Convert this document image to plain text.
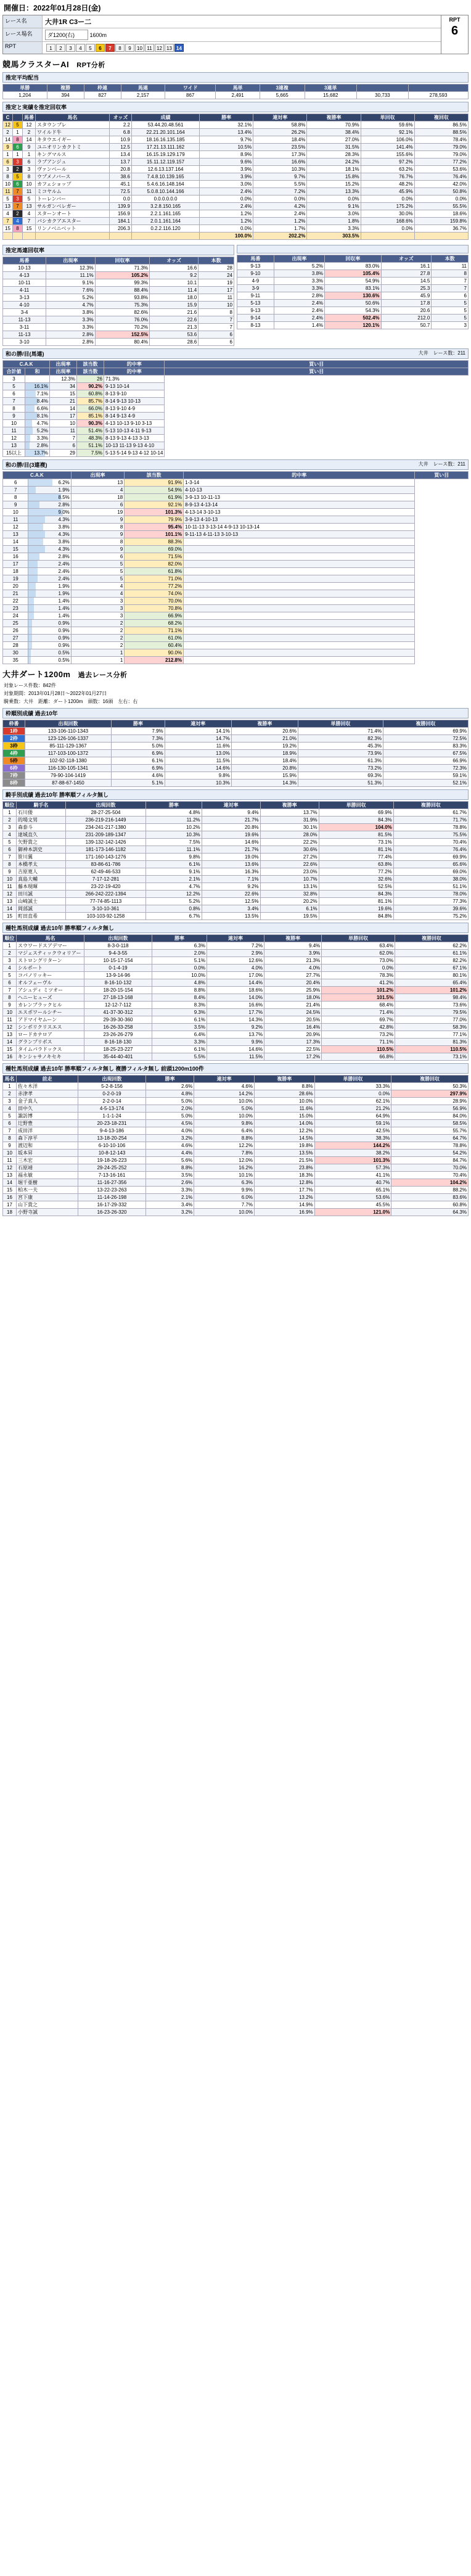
開催日：2022年01月28日(金)
レース名	大井1R C3ー二
レース場名	ダ1200(右)	1600m
RPT	1	2	3	4	5	6	7	8	9	10 11 12 13 14
RPT
6
競馬クラスターAI RPT分析
推定平均配当
単勝	複勝	枠連	馬連	ワイド	馬単	3連複	3連単		
1,204	394	827	2,157	867	2,491	5,665	15,682	30,733	278,593
推定と実績を推定回収率
C		馬番	馬名	オッズ	成績	勝率	連対率	複勝率	単回収	複回収
12	5	12	スタウンブレ	2.2	53.44.20.48.561	32.1%	58.8%	70.9%	59.6%	86.5%
2	1	2	ワイルド牛	6.8	22.21.20.101.164	13.4%	26.2%	38.4%	92.1%	88.5%
14	8	14	キタウエイギー	10.9	18.16.16.135.185	9.7%	18.4%	27.0%	106.0%	78.4%
9	6	9	ユニオリンカクトミ	12.5	17.21.13.111.162	10.5%	23.5%	31.5%	141.4%	79.0%
1	1	1	キングマルス	13.4	16.15.19.129.179	8.9%	17.3%	28.3%	155.6%	79.0%
6	3	6	ラブアンジュ	13.7	15.11.12.119.157	9.6%	16.6%	24.2%	97.2%	77.2%
3	2	3	ヴァンベール	20.8	12.6.13.137.164	3.9%	10.3%	18.1%	63.2%	53.6%
8	5	8	ウブメノバース	38.6	7.4.8.10.139.165	3.9%	9.7%	15.8%	76.7%	76.4%
10	6	10	カフェショップ	45.1	5.4.6.16.148.164	3.0%	5.5%	15.2%	48.2%	42.0%
11	7	11	ミコヤルム	72.5	5.0.8.10.144.166	2.4%	7.2%	13.3%	45.9%	50.8%
5	3	5	トーレンバー	0.0	0.0.0.0.0.0	0.0%	0.0%	0.0%	0.0%	0.0%
13	7	13	サルガンベレガー	139.9	3.2.8.150.165	2.4%	4.2%	9.1%	175.2%	55.5%
4	2	4	スターンオート	156.9	2.2.1.161.165	1.2%	2.4%	3.0%	30.0%	18.6%
7	4	7	パシカクアエスター	184.1	2.0.1.161.164	1.2%	1.2%	1.8%	168.6%	159.8%
15	8	15	リンノベニベット	206.3	0.2.2.116.120	0.0%	1.7%	3.3%	0.0%	36.7%
						100.0%	202.2%	303.5%		
推定馬連回収率
馬番	出現率	回収率	オッズ	本数
10-13	12.3%	71.3%	16.6	28
4-13	11.1%	105.2%	9.2	24
10-11	9.1%	99.3%	10.1	19
4-11	7.6%	88.4%	11.4	17
3-13	5.2%	93.8%	18.0	11
4-10	4.7%	75.3%	15.9	10
3-4	3.8%	82.6%	21.6	8
11-13	3.3%	76.0%	22.6	7
3-11	3.3%	70.2%	21.3	7
11-13	2.8%	152.5%	53.6	6
3-10	2.8%	80.4%	28.6	6

馬番	出現率	回収率	オッズ	本数
9-13	5.2%	83.0%	16.1	11
9-10	3.8%	105.4%	27.8	8
4-9	3.3%	54.9%	14.5	7
3-9	3.3%	83.1%	25.3	7
9-11	2.8%	130.6%	45.9	6
5-13	2.4%	50.6%	17.8	5
9-13	2.4%	54.3%	20.6	5
9-14	2.4%	502.4%	212.0	5
8-13	1.4%	120.1%	50.7	3
和の勝/目(馬連)	大井　レース数：211
C.A.K		出現率	該当数	的中率	買い目
合計値	和	出現率	該当数	的中率	買い目
3		12.3%	26	71.3%	
5	16.1%	34	90.2%	9-13 10-14	
6	7.1%	15	60.8%	8-13 9-10	
7	8.4%	21	85.7%	8-14 9-13 10-13	
8	6.6%	14	66.0%	8-13 9-10 4-9	
9	8.1%	17	85.1%	8-14 9-13 4-9	
10	4.7%	10	90.3%	4-13 10-13 9-10 3-13	
11	5.2%	11	51.4%	5-13 10-13 4-11 9-13	
12	3.3%	7	48.3%	8-13 9-13 4-13 3-13	
13	2.8%	6	51.1%	10-13 11-13 9-13 4-10	
15以上	13.7%	29	7.5%	5-13 5-14 9-13 4-12 10-14	
和の勝/目(3連複)	大井　レース数：211
C.A.K		出現率	該当数	的中率	買い目
6	6.2%	13	91.9%	1-3-14	
7	1.9%	4	54.9%	4-10-13	
8	8.5%	18	61.9%	3-9-13 10-11-13	
9	2.8%	6	92.1%	8-9-13 4-13-14	
10	9.0%	19	101.3%	4-13-14 3-10-13	
11	4.3%	9	79.9%	3-9-13 4-10-13	
12	3.8%	8	95.4%	10-11-13 3-13-14 4-9-13 10-13-14	
13	4.3%	9	101.1%	9-11-13 4-11-13 3-10-13	
14	3.8%	8	88.3%		
15	4.3%	9	69.0%		
16	2.8%	6	71.5%		
17	2.4%	5	82.0%		
18	2.4%	5	61.8%		
19	2.4%	5	71.0%		
20	1.9%	4	77.2%		
21	1.9%	4	74.0%		
22	1.4%	3	70.0%		
23	1.4%	3	70.8%		
24	1.4%	3	66.9%		
25	0.9%	2	68.2%		
26	0.9%	2	71.1%		
27	0.9%	2	61.0%		
28	0.9%	2	60.4%		
30	0.5%	1	90.0%		
35	0.5%	1	212.8%		
大井ダート1200m 過去レース分析
対象レース件数：842件
対象期間：2013年01月28日～2022年01月27日
騎乗数：大井　距離：ダート1200m　頭数：16頭　左右：右
枠順別成績 過去10年
枠番	出現回数	勝率	連対率	複勝率	単勝回収	複勝回収
1枠	133-106-110-1343	7.9%	14.1%	20.6%	71.4%	69.9%
2枠	123-126-106-1337	7.3%	14.7%	21.0%	82.3%	72.5%
3枠	85-111-129-1367	5.0%	11.6%	19.2%	45.3%	83.3%
4枠	117-103-100-1372	6.9%	13.0%	18.9%	73.9%	67.5%
5枠	102-92-118-1380	6.1%	11.5%	18.4%	61.3%	66.9%
6枠	116-130-105-1341	6.9%	14.6%	20.8%	73.2%	72.3%
7枠	79-90-104-1419	4.6%	9.8%	15.9%	69.3%	59.1%
8枠	87-88-67-1450	5.1%	10.3%	14.3%	51.3%	52.1%
騎手別成績 過去10年 勝率順フィルタ無し
順位	騎手名	出現回数	勝率	連対率	複勝率	単勝回収	複勝回収
1	石川倭	28-27-25-504	4.8%	9.4%	13.7%	69.9%	61.7%
2	的場文男	236-219-216-1449	11.2%	21.7%	31.9%	84.3%	71.7%
3	森泰斗	234-241-217-1380	10.2%	20.8%	30.1%	104.0%	78.8%
4	達城直久	231-209-189-1347	10.3%	19.6%	28.0%	81.5%	75.5%
5	矢野貴之	139-132-142-1426	7.5%	14.6%	22.2%	73.1%	70.4%
6	御神本訓史	181-173-146-1182	11.1%	21.7%	30.6%	81.1%	76.4%
7	笹川翼	171-160-143-1276	9.8%	19.0%	27.2%	77.4%	69.9%
8	本橋孝太	83-86-61-786	6.1%	13.6%	22.6%	63.8%	65.6%
9	吉原寛人	62-49-46-533	9.1%	16.3%	23.0%	77.2%	69.0%
10	真島大輔	7-17-12-281	2.1%	7.1%	10.7%	32.6%	38.0%
11	藤本現暉	23-22-19-420	4.7%	9.2%	13.1%	52.5%	51.1%
12	田川誠	266-242-222-1394	12.2%	22.6%	32.8%	84.3%	78.0%
13	山崎誠士	77-74-85-1113	5.2%	12.5%	20.2%	81.1%	77.3%
14	岡部誠	3-10-10-361	0.8%	3.4%	6.1%	19.6%	39.6%
15	町田直希	103-103-92-1258	6.7%	13.5%	19.5%	84.8%	75.2%
種牡馬別成績 過去10年 勝率順フィルタ無し
順位	馬名	出現回数	勝率	連対率	複勝率	単勝回収	複勝回収
1	スウワードスアデマー	8-3-0-118	6.3%	7.2%	9.4%	63.4%	62.2%
2	マジェスティックウォリアー	9-4-3-55	2.0%	2.9%	3.9%	62.0%	61.1%
3	ストロングリターン	10-15-17-154	5.1%	12.6%	21.3%	73.0%	82.2%
4	シルポート	0-1-4-19	0.0%	4.0%	4.0%	0.0%	67.1%
5	コパノリッキー	13-9-14-96	10.0%	17.0%	27.7%	78.3%	80.1%
6	オルフェーヴル	8-16-10-132	4.8%	14.4%	20.4%	41.2%	65.4%
7	アシュディ ミツオー	18-20-15-154	8.8%	18.6%	25.9%	101.2%	101.2%
8	ヘニーヒューズ	27-18-13-168	8.4%	14.0%	18.0%	101.5%	98.4%
9	カレンブラックヒル	12-12-7-112	8.3%	16.6%	21.4%	68.4%	73.6%
10	エスポワールシチー	41-37-30-312	9.3%	17.7%	24.5%	71.4%	79.5%
11	アドマイヤムーン	29-39-30-360	6.1%	14.3%	20.5%	69.7%	77.0%
12	シンボリクリスエス	16-26-33-258	3.5%	9.2%	16.4%	42.8%	58.3%
13	ロードカナロア	23-26-26-279	6.4%	13.7%	20.9%	73.2%	77.1%
14	グランプリボス	8-16-18-130	3.3%	9.9%	17.3%	71.1%	81.3%
15	タイムパラドックス	18-25-23-227	6.1%	14.6%	22.5%	110.5%	110.5%
16	キンシャサノキセキ	35-44-40-401	5.5%	11.5%	17.2%	66.8%	73.1%
種牡馬別成績 過去10年 勝率順フィルタ無し 複勝フィルタ無し 前頭1200m100件
馬名	前走	出現回数	勝率	連対率	複勝率	単勝回収	複勝回収
1	佐々木洋	5-2-8-156	2.6%	4.6%	8.8%	33.3%	50.3%
2	赤津孝	0-2-0-19	4.8%	14.2%	28.6%	0.0%	297.9%
3	金子真人	2-2-0-14	5.0%	10.0%	10.0%	62.1%	28.9%
4	田中久	4-5-13-174	2.0%	5.0%	11.6%	21.2%	56.9%
5	諏訪博	1-1-1-24	5.0%	10.0%	15.0%	64.9%	84.0%
6	辻野豊	20-23-18-231	4.5%	9.8%	14.0%	59.1%	58.5%
7	成田洋	9-4-13-186	4.0%	6.4%	12.2%	42.5%	55.7%
8	森下淳平	13-18-20-254	3.2%	8.8%	14.5%	38.3%	64.7%
9	渡辺和	6-10-10-106	4.6%	12.2%	19.8%	144.2%	78.8%
10	坂本昇	10-8-12-143	4.4%	7.8%	13.5%	38.2%	54.2%
11	三木宏	19-18-26-223	5.6%	12.0%	21.5%	101.3%	84.7%
12	石原靖	29-24-25-252	8.8%	16.2%	23.8%	57.3%	70.0%
13	福永敏	7-13-16-161	3.5%	10.1%	18.3%	41.1%	70.4%
14	堀千亜樹	11-16-27-356	2.6%	6.3%	12.8%	40.7%	104.2%
15	柏木一夫	13-22-23-263	3.3%	9.9%	17.7%	65.1%	88.2%
16	宮下康	11-14-26-198	2.1%	6.0%	13.2%	53.6%	83.6%
17	山下貴之	16-17-29-332	3.4%	7.7%	14.9%	45.5%	60.8%
18	小野寺誠	16-23-26-320	3.2%	10.0%	16.9%	121.0%	64.3%
